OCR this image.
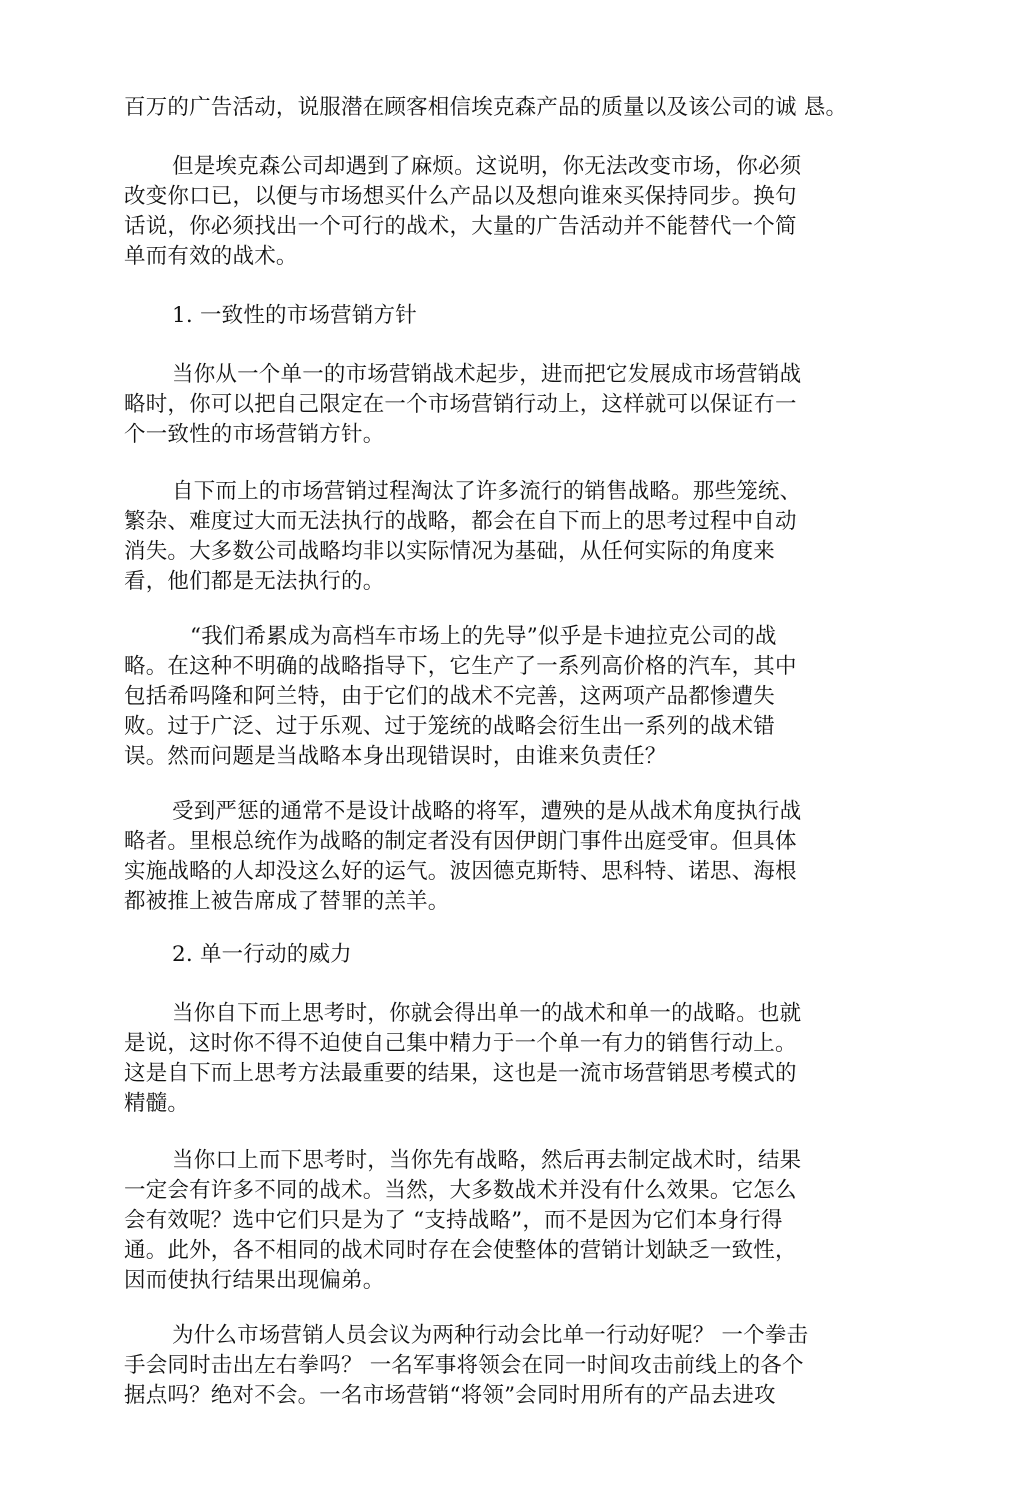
百万的广告活动，说服潜在顾客相信埃克森产品的质量以及该公司的诚 恳。
但是埃克森公司却遇到了麻烦。这说明，你无法改变市场，你必须
改变你口已，以便与市场想买什么产品以及想向谁來买保持同步。换句
话说，你必须找出一个可行的战术，大量的广告活动并不能替代一个简
单而有效的战术。
1. 一致性的市场营销方针
当你从一个单一的市场营销战术起步，进而把它发展成市场营销战
略时，你可以把自己限定在一个市场营销行动上，这样就可以保证冇一
个一致性的市场营销方针。
自下而上的市场营销过程淘汰了许多流行的销售战略。那些笼统、
繁杂、难度过大而无法执行的战略，都会在自下而上的思考过程中自动
消失。大多数公司战略均非以实际情况为基础，从任何实际的角度来
看，他们都是无法执行的。
“我们希累成为高档车市场上的先导”似乎是卡迪拉克公司的战
略。在这种不明确的战略指导下，它生产了一系列高价格的汽车，其中
包括希吗隆和阿兰特，由于它们的战术不完善，这两项产品都惨遭失
败。过于广泛、过于乐观、过于笼统的战略会衍生出一系列的战术错
误。然而问题是当战略本身出现错误时，由谁来负责任？
受到严惩的通常不是设计战略的将军，遭殃的是从战术角度执行战
略者。里根总统作为战略的制定者没有因伊朗门事件出庭受审。但具体
实施战略的人却没这么好的运气。波因德克斯特、思科特、诺思、海根
都被推上被告席成了替罪的羔羊。
2. 单一行动的威力
当你自下而上思考时，你就会得出单一的战术和单一的战略。也就
是说，这时你不得不迫使自己集中精力于一个单一有力的销售行动上。
这是自下而上思考方法最重要的结果，这也是一流市场营销思考模式的
精髓。
当你口上而下思考时，当你先有战略，然后再去制定战术时，结果
一定会有许多不同的战术。当然，大多数战术并没有什么效果。它怎么
会有效呢？选中它们只是为了 “支持战略”，而不是因为它们本身行得
通。此外，各不相同的战术同时存在会使整体的营销计划缺乏一致性，
因而使执行结果出现偏弟。
为什么市场营销人员会议为两种行动会比单一行动好呢？ 一个拳击
手会同时击出左右拳吗？ 一名军事将领会在同一时间攻击前线上的各个
据点吗？绝对不会。一名市场营销“将领”会同时用所有的产品去进攻
